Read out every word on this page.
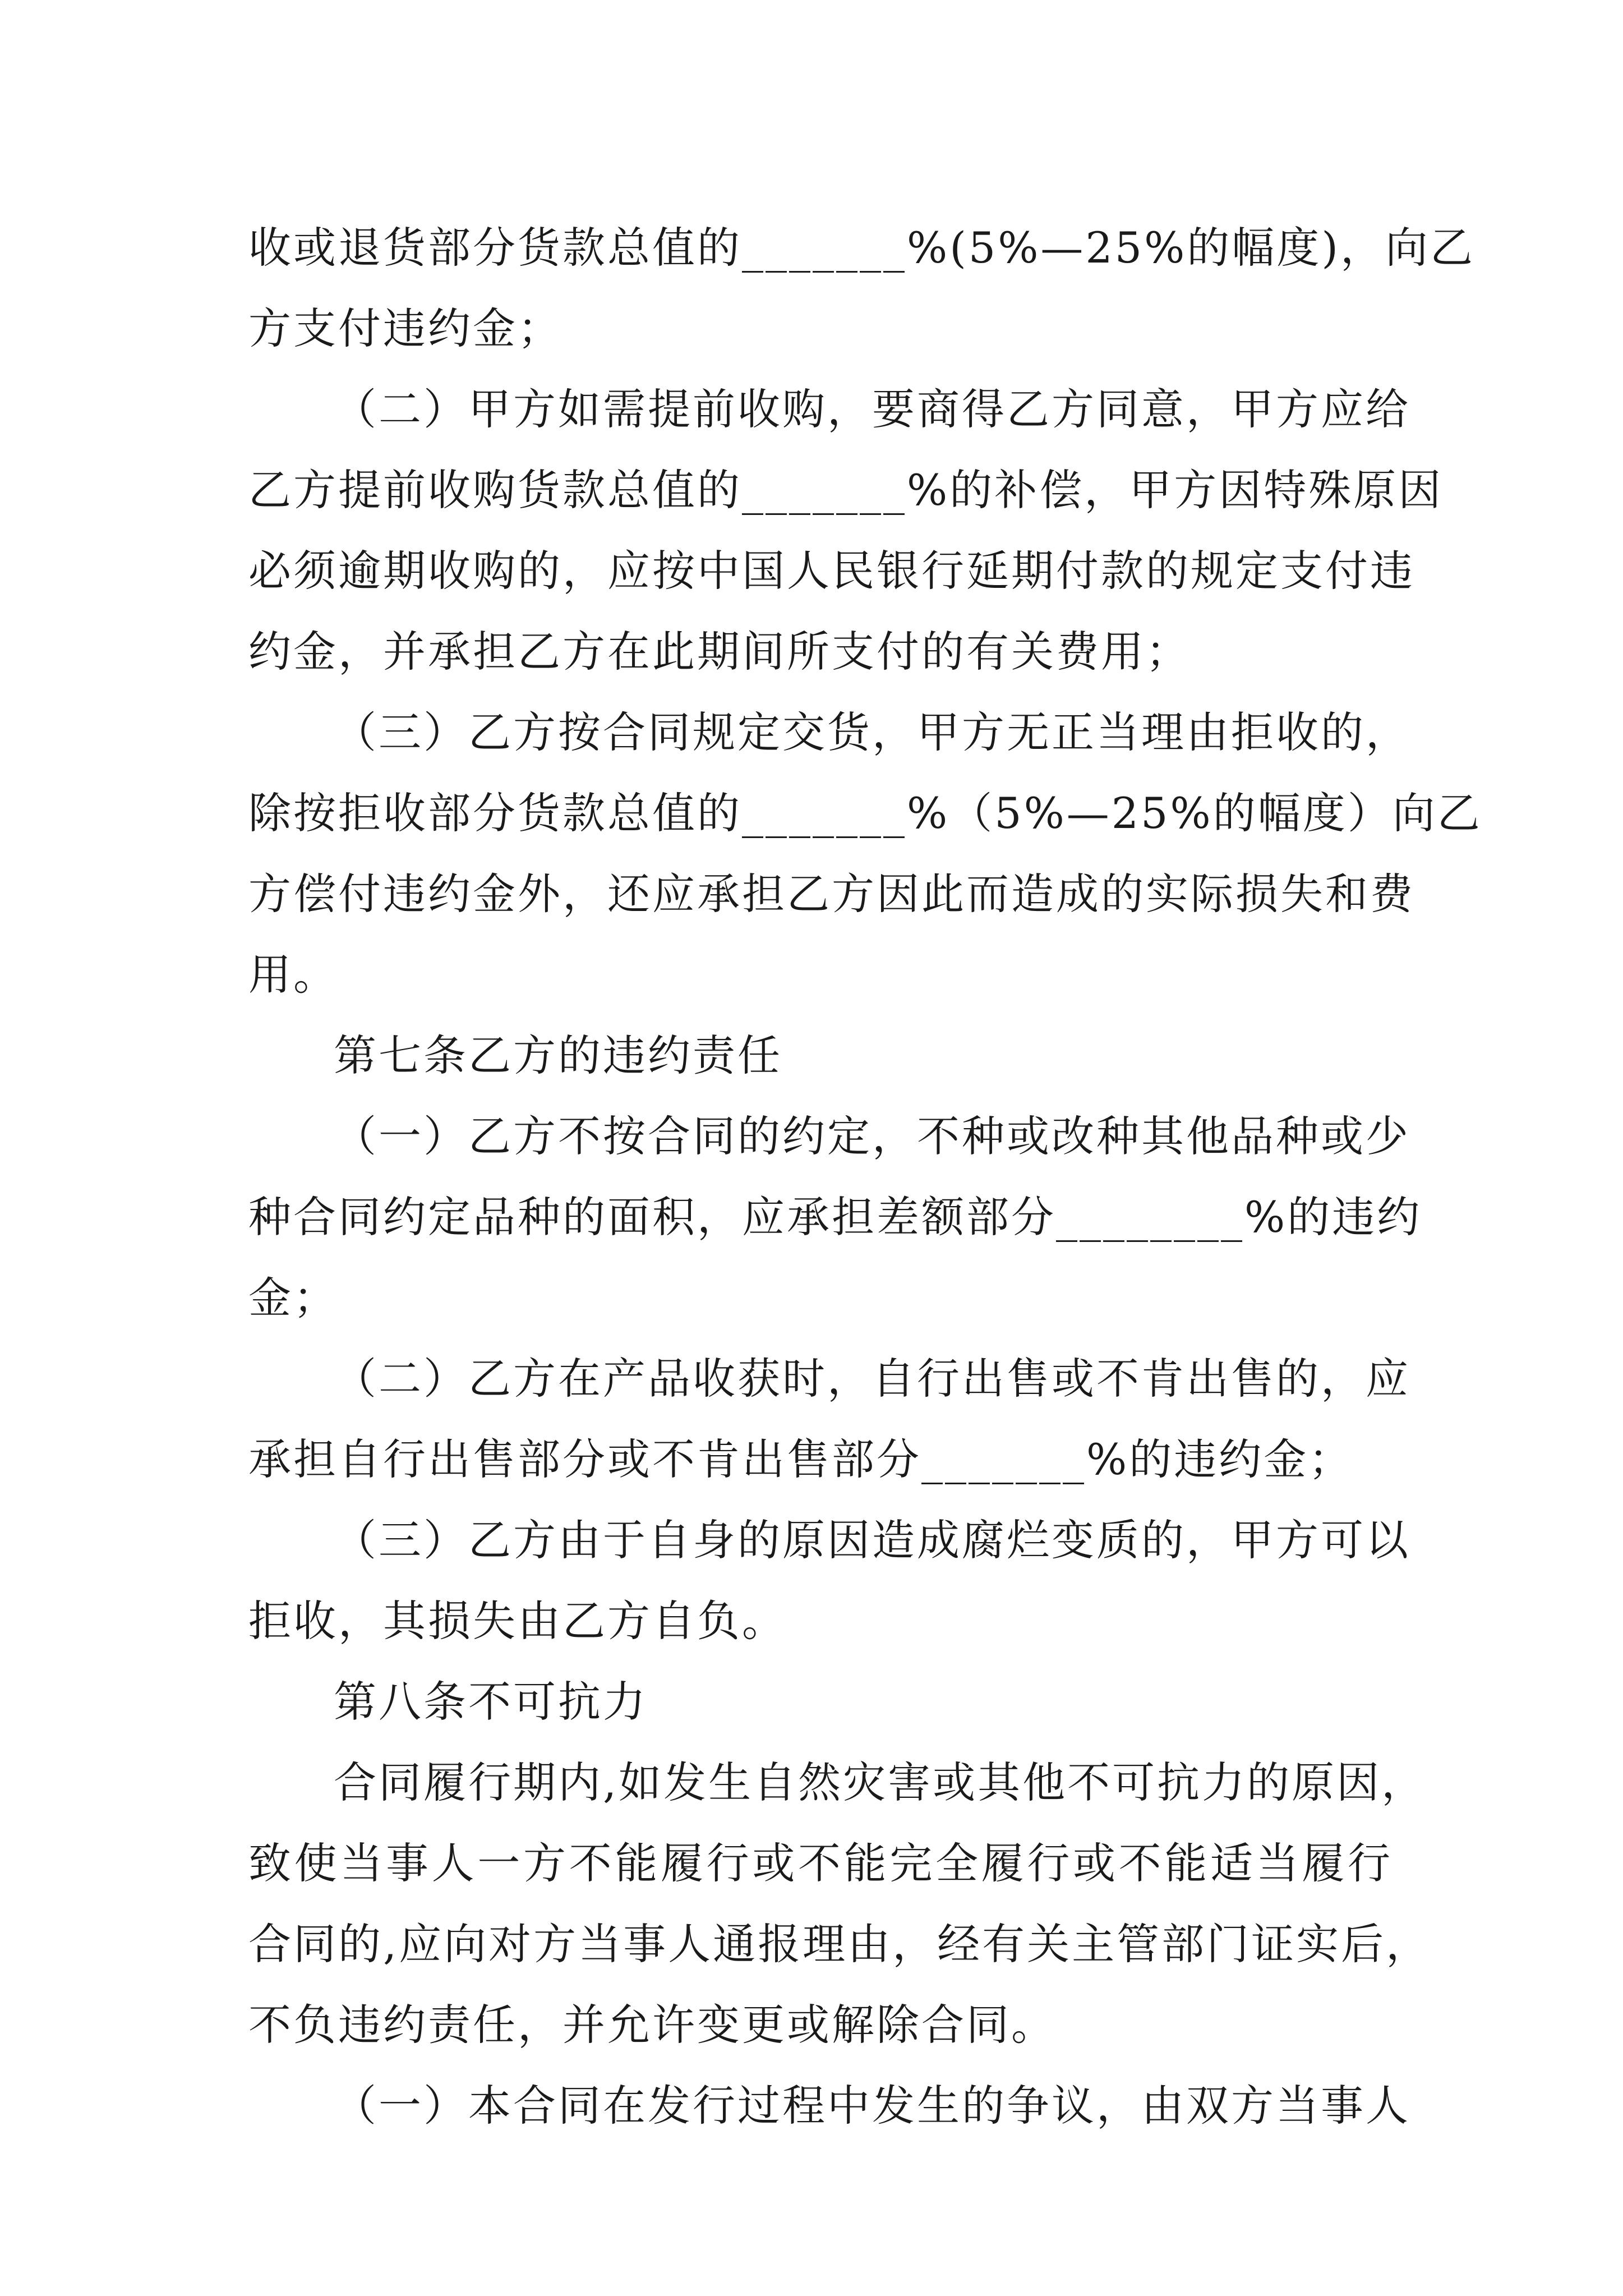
收或退货部分货款总值的_______%(5%—25%的幅度)，向乙
方支付违约金；
（二）甲方如需提前收购，要商得乙方同意，甲方应给
乙方提前收购货款总值的_______%的补偿，甲方因特殊原因
必须逾期收购的，应按中国人民银行延期付款的规定支付违
约金，并承担乙方在此期间所支付的有关费用；
（三）乙方按合同规定交货，甲方无正当理由拒收的，
除按拒收部分货款总值的_______%（5%—25%的幅度）向乙
方偿付违约金外，还应承担乙方因此而造成的实际损失和费
用。
第七条乙方的违约责任
（一）乙方不按合同的约定，不种或改种其他品种或少
种合同约定品种的面积，应承担差额部分________%的违约
金；
（二）乙方在产品收获时，自行出售或不肯出售的，应
承担自行出售部分或不肯出售部分_______%的违约金；
（三）乙方由于自身的原因造成腐烂变质的，甲方可以
拒收，其损失由乙方自负。
第八条不可抗力
合同履行期内,如发生自然灾害或其他不可抗力的原因，
致使当事人一方不能履行或不能完全履行或不能适当履行
合同的,应向对方当事人通报理由，经有关主管部门证实后，
不负违约责任，并允许变更或解除合同。
（一）本合同在发行过程中发生的争议，由双方当事人
